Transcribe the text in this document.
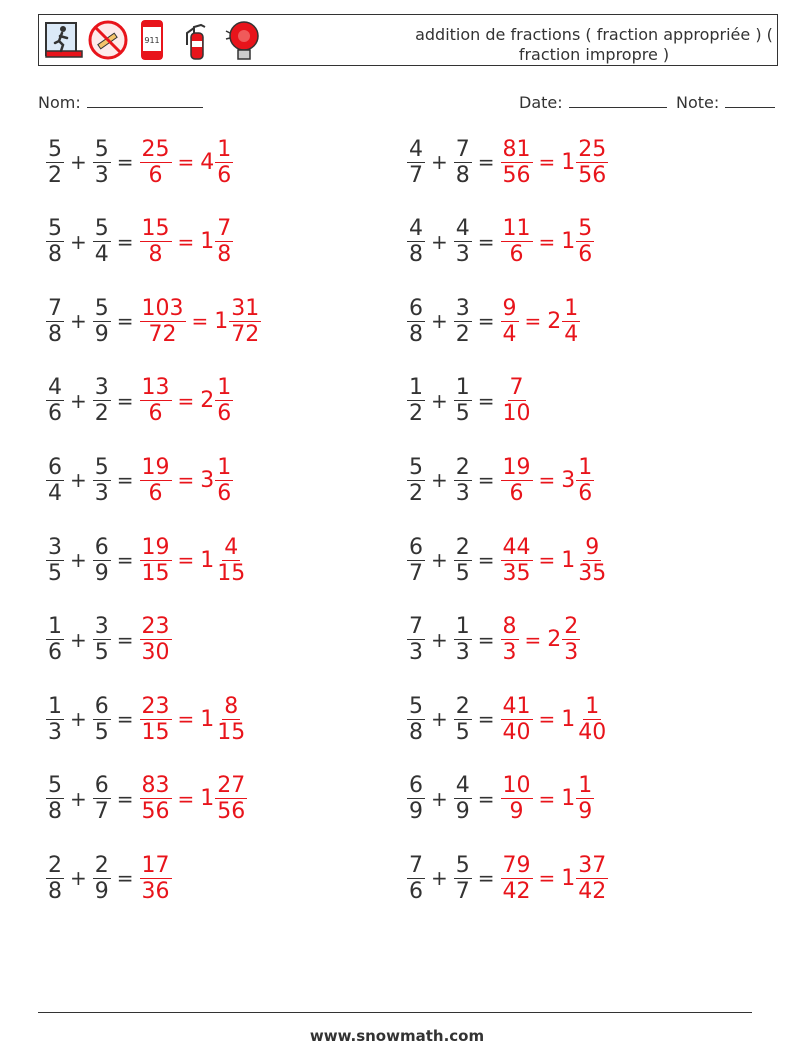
911	addition de fractions ( fraction appropriée ) ( fraction impropre )
Nom:	Date:	Note:
$\frac{5}{2} + \frac{5}{3} = \frac{25}{6} = 4 \frac{1}{6}$	$\frac{4}{7} + \frac{7}{8} = \frac{81}{56} = 1 \frac{25}{56}$
$\frac{5}{8} + \frac{5}{4} = \frac{15}{8} = 1 \frac{7}{8}$	$\frac{4}{8} + \frac{4}{3} = \frac{11}{6} = 1 \frac{5}{6}$
$\frac{7}{8} + \frac{5}{9} = \frac{103}{72} = 1 \frac{31}{72}$	$\frac{6}{8} + \frac{3}{2} = \frac{9}{4} = 2 \frac{1}{4}$
$\frac{4}{6} + \frac{3}{2} = \frac{13}{6} = 2 \frac{1}{6}$	$\frac{1}{2} + \frac{1}{5} = \frac{7}{10}$
$\frac{6}{4} + \frac{5}{3} = \frac{19}{6} = 3 \frac{1}{6}$	$\frac{5}{2} + \frac{2}{3} = \frac{19}{6} = 3 \frac{1}{6}$
$\frac{3}{5} + \frac{6}{9} = \frac{19}{15} = 1 \frac{4}{15}$	$\frac{6}{7} + \frac{2}{5} = \frac{44}{35} = 1 \frac{9}{35}$
$\frac{1}{6} + \frac{3}{5} = \frac{23}{30}$	$\frac{7}{3} + \frac{1}{3} = \frac{8}{3} = 2 \frac{2}{3}$
$\frac{1}{3} + \frac{6}{5} = \frac{23}{15} = 1 \frac{8}{15}$	$\frac{5}{8} + \frac{2}{5} = \frac{41}{40} = 1 \frac{1}{40}$
$\frac{5}{8} + \frac{6}{7} = \frac{83}{56} = 1 \frac{27}{56}$	$\frac{6}{9} + \frac{4}{9} = \frac{10}{9} = 1 \frac{1}{9}$
$\frac{2}{8} + \frac{2}{9} = \frac{17}{36}$	$\frac{7}{6} + \frac{5}{7} = \frac{79}{42} = 1 \frac{37}{42}$
www.snowmath.com
